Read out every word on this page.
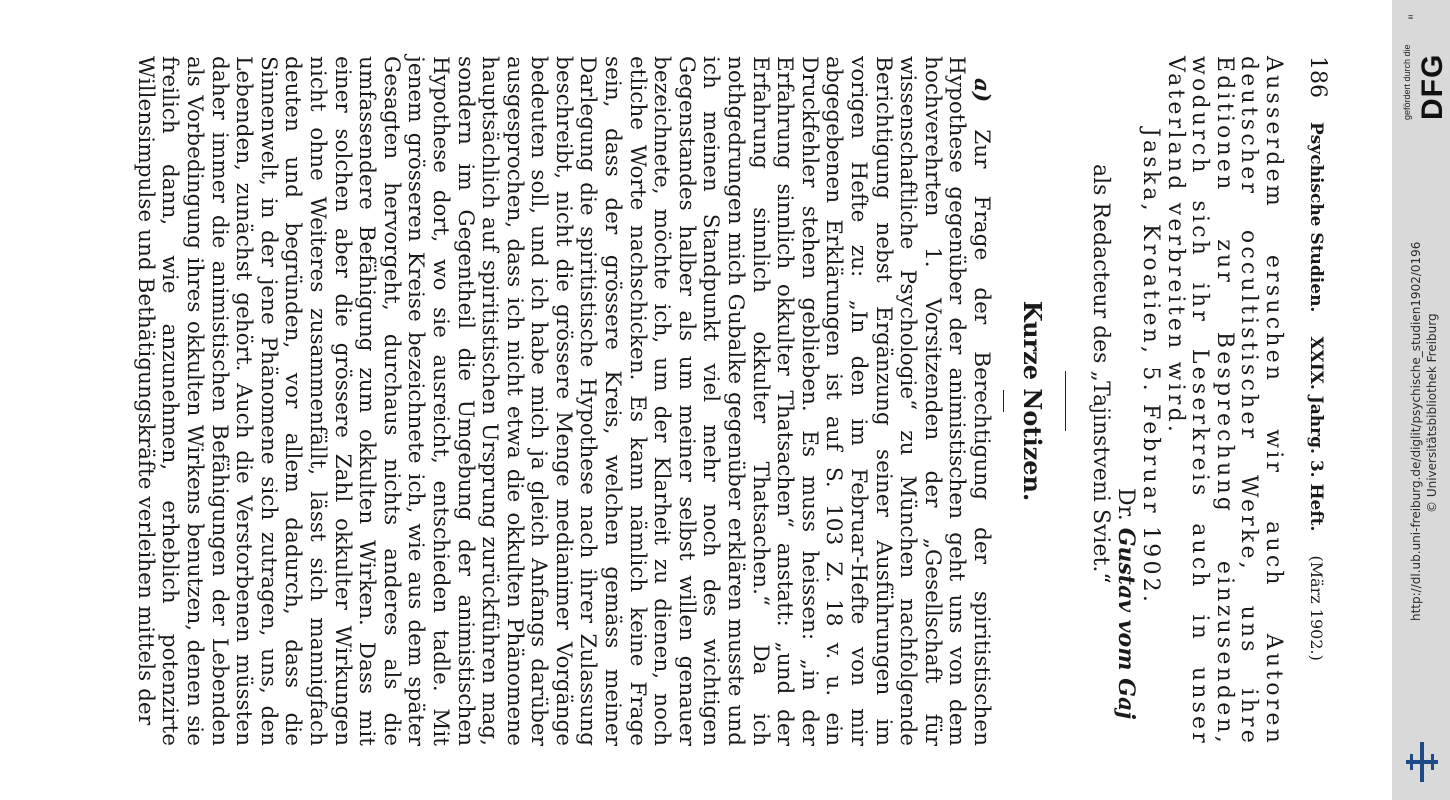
186
Psychische Studien.
XXIX. Jahrg. 3. Heft.
(März 1902.)

Ausserdem ersuchen wir auch Autoren deutscher occultistischer Werke, uns ihre Editionen zur Besprechung einzusenden, wodurch sich ihr Leserkreis auch in unser Vaterland verbreiten wird.

Jaska, Kroatien, 5. Februar 1902.
Dr. Gustav vom Gaj
als Redacteur des „Tajinstveni Sviet.“
Kurze Notizen.

a) Zur Frage der Berechtigung der spiritistischen Hypothese gegenüber der animistischen geht uns von dem hochverehrten 1. Vorsitzenden der „Gesellschaft für wissenschaftliche Psychologie“ zu München nachfolgende Berichtigung nebst Ergänzung seiner Ausführungen im vorigen Hefte zu: „In den im Februar-Hefte von mir abgegebenen Erklärungen ist auf S. 103 Z. 18 v. u. ein Druckfehler stehen geblieben. Es muss heissen: „in der Erfahrung sinnlich okkulter Thatsachen“ anstatt: „und der Erfahrung sinnlich okkulter Thatsachen.“ Da ich nothgedrungen mich Gubalke gegenüber erklären musste und ich meinen Standpunkt viel mehr noch des wichtigen Gegenstandes halber als um meiner selbst willen genauer bezeichnete, möchte ich, um der Klarheit zu dienen, noch etliche Worte nachschicken. Es kann nämlich keine Frage sein, dass der grössere Kreis, welchen gemäss meiner Darlegung die spiritistische Hypothese nach ihrer Zulassung beschreibt, nicht die grössere Menge medianimer Vorgänge bedeuten soll, und ich habe mich ja gleich Anfangs darüber ausgesprochen, dass ich nicht etwa die okkulten Phänomene hauptsächlich auf spiritistischen Ursprung zurückführen mag, sondern im Gegentheil die Umgebung der animistischen Hypothese dort, wo sie ausreicht, entschieden tadle. Mit jenem grösseren Kreise bezeichnete ich, wie aus dem später Gesagten hervorgeht, durchaus nichts anderes als die umfassendere Befähigung zum okkulten Wirken. Dass mit einer solchen aber die grössere Zahl okkulter Wirkungen nicht ohne Weiteres zusammenfällt, lässt sich mannigfach deuten und begründen, vor allem dadurch, dass die Sinnenwelt, in der jene Phänomene sich zutragen, uns, den Lebenden, zunächst gehört. Auch die Verstorbenen müssten daher immer die animistischen Befähigungen der Lebenden als Vorbedingung ihres okkulten Wirkens benutzen, denen sie freilich dann, wie anzunehmen, erheblich potenzirte Willensimpulse und Bethätigungskräfte verleihen mittels der

≡
DFG
gefördert durch die
http://dl.ub.uni-freiburg.de/diglit/psychische_studien1902/0196 © Universitätsbibliothek Freiburg
